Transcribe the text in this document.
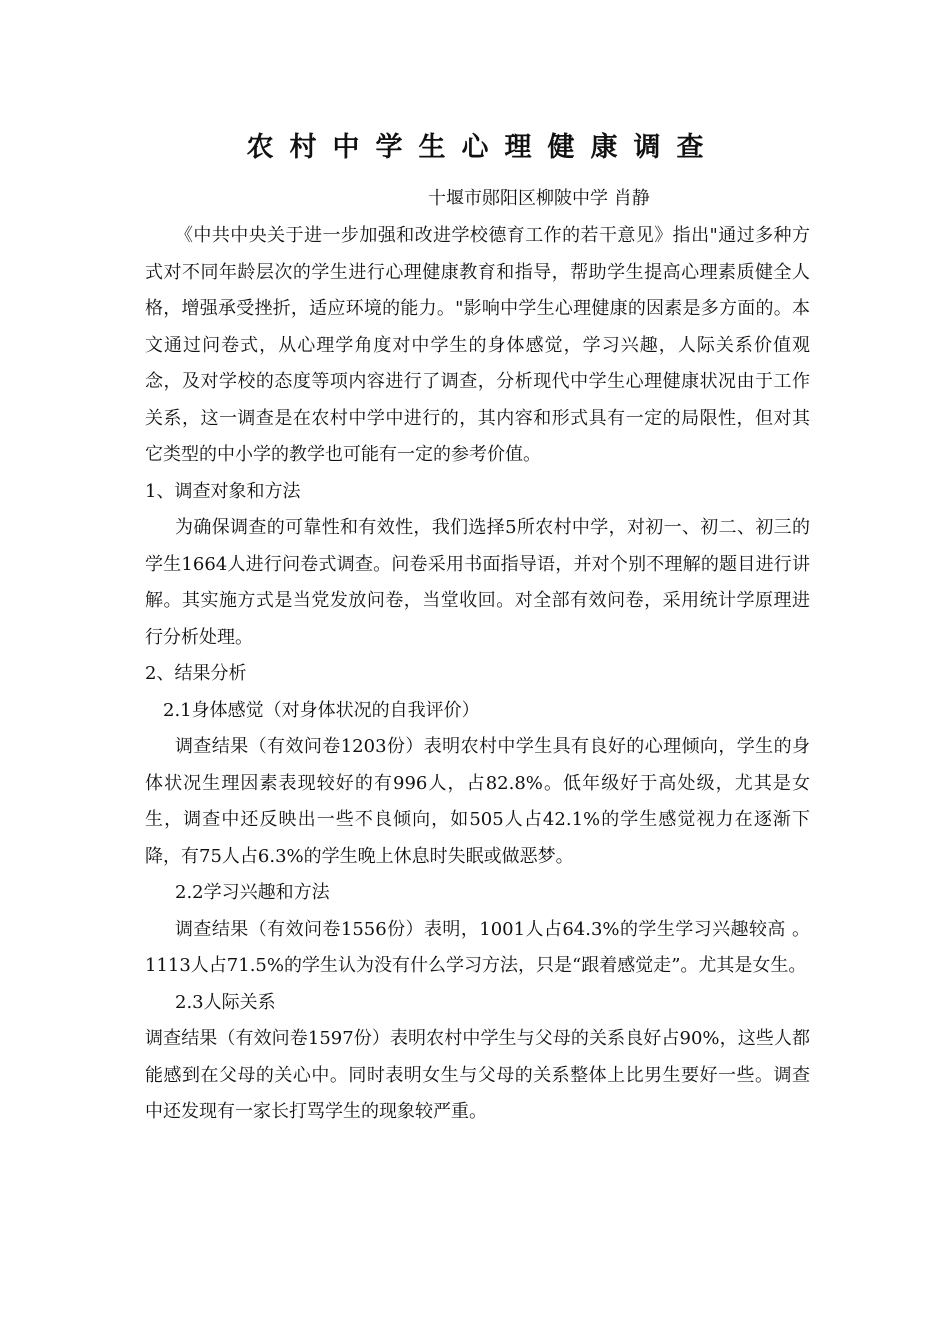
农村中学生心理健康调查
十堰市郧阳区柳陂中学 肖静

《中共中央关于进一步加强和改进学校德育工作的若干意见》指出"通过多种方式对不同年龄层次的学生进行心理健康教育和指导，帮助学生提高心理素质健全人格，增强承受挫折，适应环境的能力。"影响中学生心理健康的因素是多方面的。本文通过问卷式，从心理学角度对中学生的身体感觉，学习兴趣，人际关系价值观念，及对学校的态度等项内容进行了调查，分析现代中学生心理健康状况由于工作关系，这一调查是在农村中学中进行的，其内容和形式具有一定的局限性，但对其它类型的中小学的教学也可能有一定的参考价值。

1、调查对象和方法

为确保调查的可靠性和有效性，我们选择5所农村中学，对初一、初二、初三的学生1664人进行问卷式调查。问卷采用书面指导语，并对个别不理解的题目进行讲解。其实施方式是当党发放问卷，当堂收回。对全部有效问卷，采用统计学原理进行分析处理。

2、结果分析

2.1身体感觉（对身体状况的自我评价）

调查结果（有效问卷1203份）表明农村中学生具有良好的心理倾向，学生的身体状况生理因素表现较好的有996人，占82.8%。低年级好于高处级，尤其是女生，调查中还反映出一些不良倾向，如505人占42.1%的学生感觉视力在逐渐下降，有75人占6.3%的学生晚上休息时失眠或做恶梦。

2.2学习兴趣和方法

调查结果（有效问卷1556份）表明，1001人占64.3%的学生学习兴趣较高 。1113人占71.5%的学生认为没有什么学习方法，只是“跟着感觉走”。尤其是女生。

2.3人际关系

调查结果（有效问卷1597份）表明农村中学生与父母的关系良好占90%，这些人都能感到在父母的关心中。同时表明女生与父母的关系整体上比男生要好一些。调查中还发现有一家长打骂学生的现象较严重。
